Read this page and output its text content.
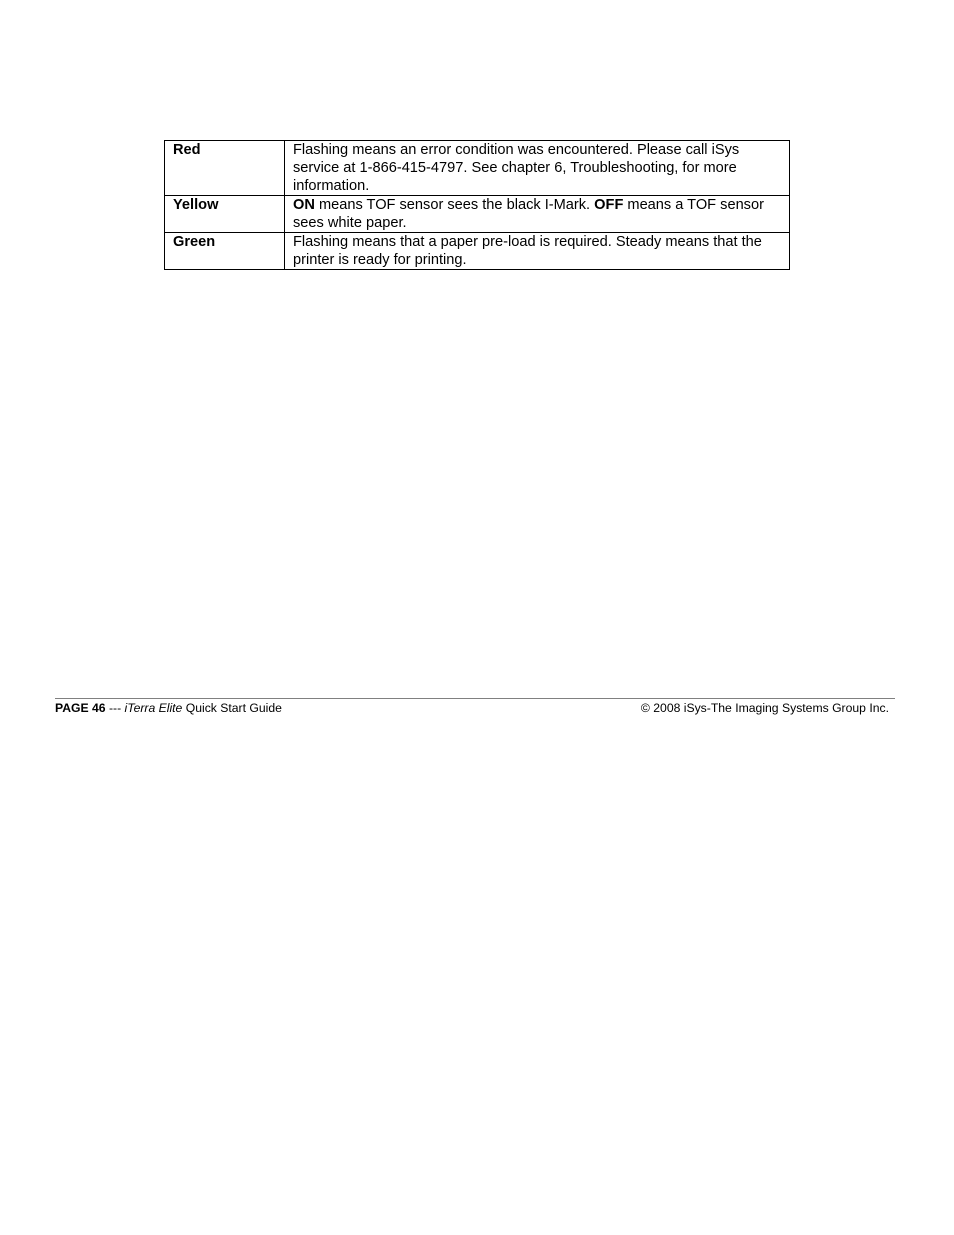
Red	Flashing means an error condition was encountered. Please call iSys service at 1-866-415-4797. See chapter 6, Troubleshooting, for more information.
Yellow	ON means TOF sensor sees the black I-Mark. OFF means a TOF sensor sees white paper.
Green	Flashing means that a paper pre-load is required. Steady means that the printer is ready for printing.
PAGE 46 --- iTerra Elite Quick Start Guide	© 2008 iSys-The Imaging Systems Group Inc.
